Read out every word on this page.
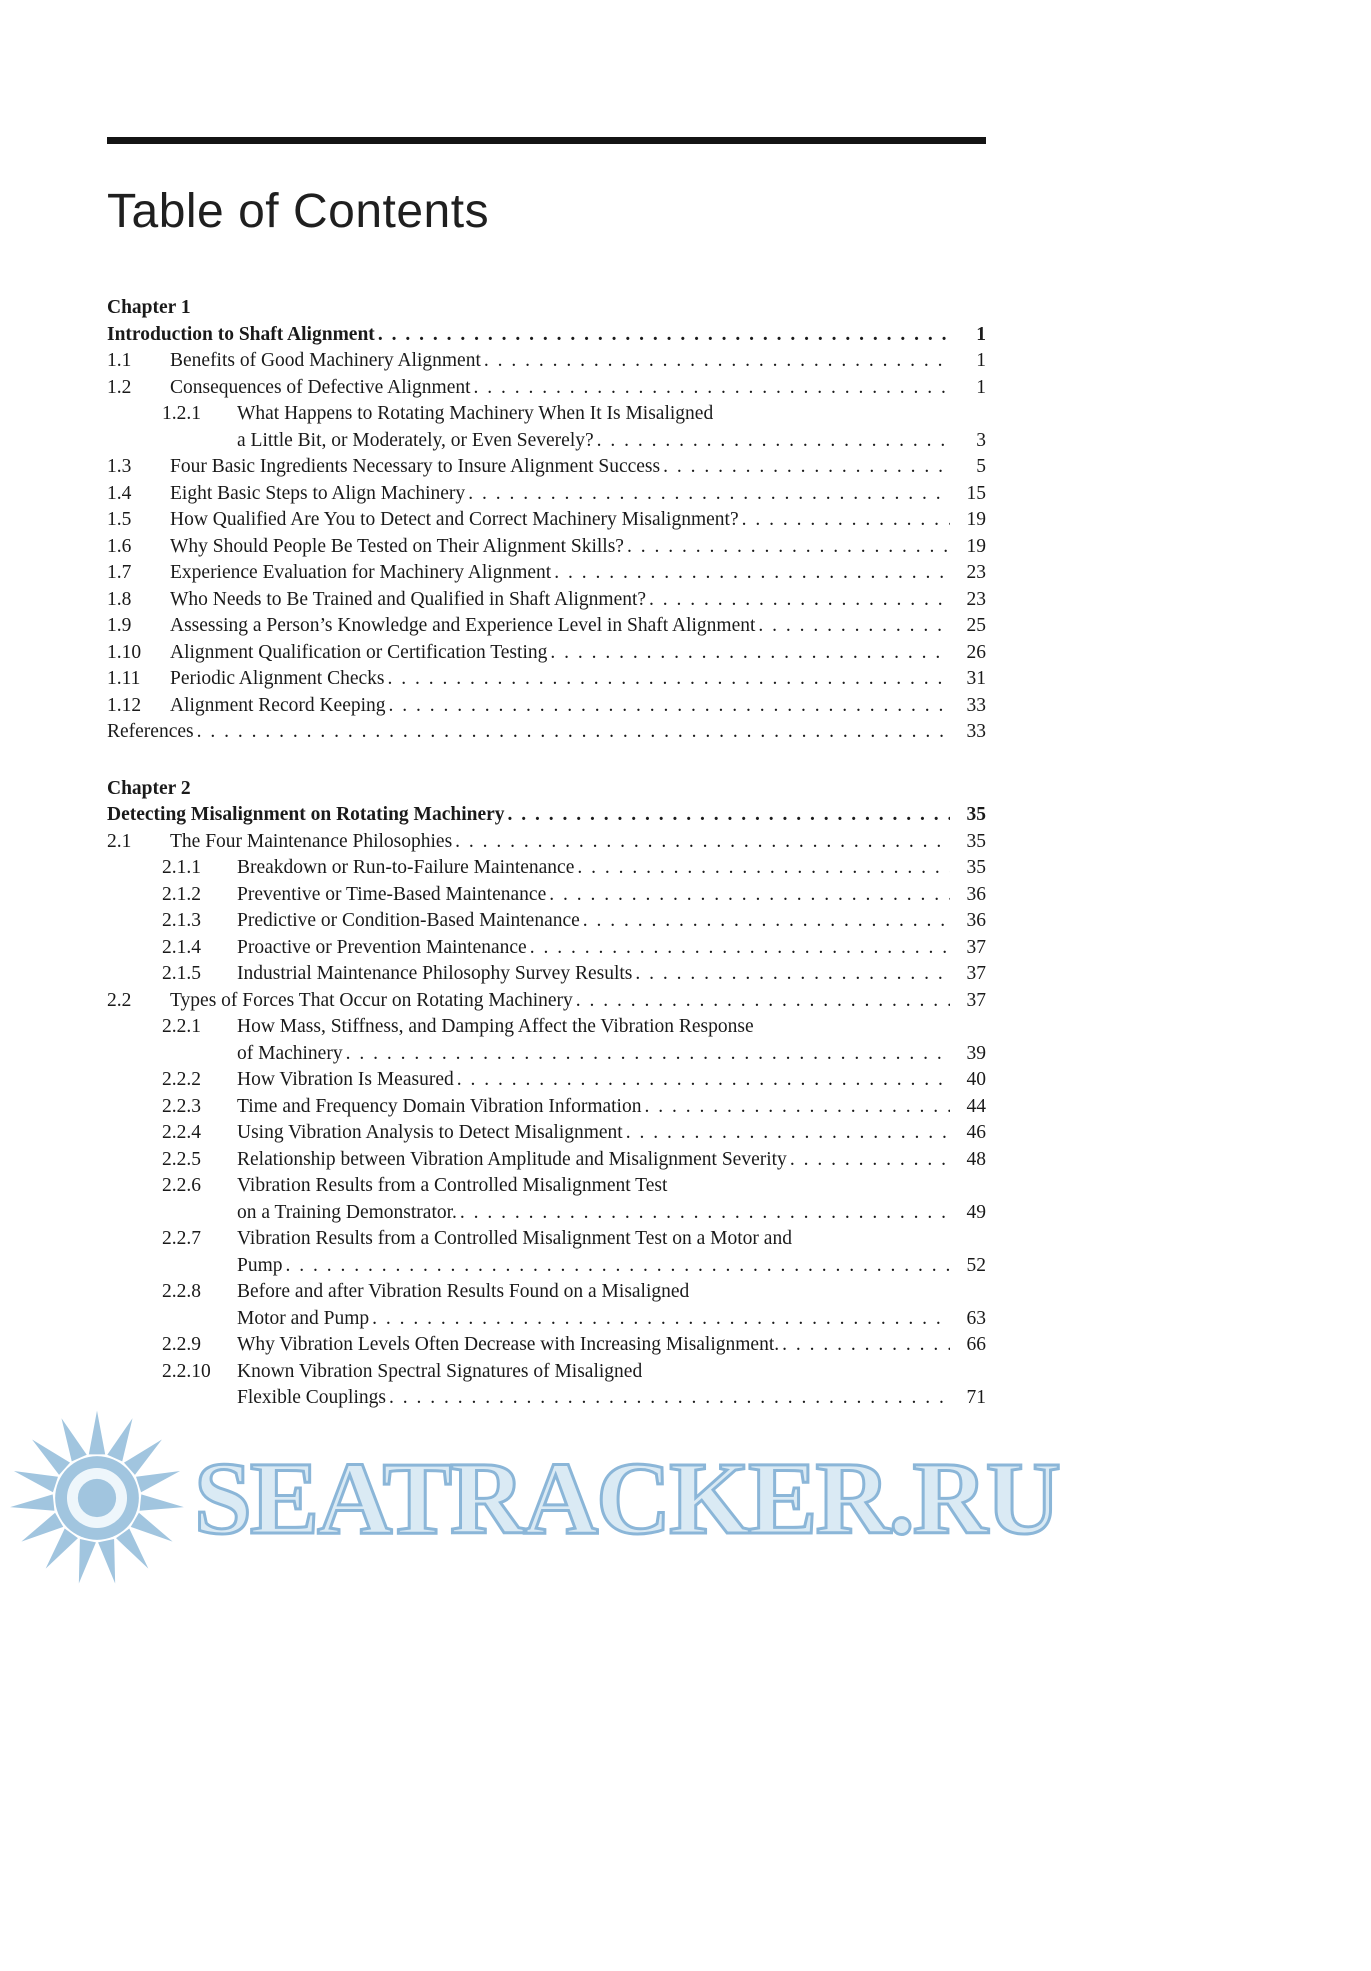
Table of Contents
Chapter 1
Introduction to Shaft Alignment . . .	1
1.1	Benefits of Good Machinery Alignment . . .	1
1.2	Consequences of Defective Alignment . . .	1
1.2.1	What Happens to Rotating Machinery When It Is Misaligned
a Little Bit, or Moderately, or Even Severely? . . .	3
1.3	Four Basic Ingredients Necessary to Insure Alignment Success . . .	5
1.4	Eight Basic Steps to Align Machinery . . .	15
1.5	How Qualified Are You to Detect and Correct Machinery Misalignment? . . .	19
1.6	Why Should People Be Tested on Their Alignment Skills? . . .	19
1.7	Experience Evaluation for Machinery Alignment . . .	23
1.8	Who Needs to Be Trained and Qualified in Shaft Alignment? . . .	23
1.9	Assessing a Person’s Knowledge and Experience Level in Shaft Alignment . . .	25
1.10	Alignment Qualification or Certification Testing . . .	26
1.11	Periodic Alignment Checks . . .	31
1.12	Alignment Record Keeping . . .	33
References . . .	33
Chapter 2
Detecting Misalignment on Rotating Machinery . . .	35
2.1	The Four Maintenance Philosophies . . .	35
2.1.1	Breakdown or Run-to-Failure Maintenance . . .	35
2.1.2	Preventive or Time-Based Maintenance . . .	36
2.1.3	Predictive or Condition-Based Maintenance . . .	36
2.1.4	Proactive or Prevention Maintenance . . .	37
2.1.5	Industrial Maintenance Philosophy Survey Results . . .	37
2.2	Types of Forces That Occur on Rotating Machinery . . .	37
2.2.1	How Mass, Stiffness, and Damping Affect the Vibration Response
of Machinery . . .	39
2.2.2	How Vibration Is Measured . . .	40
2.2.3	Time and Frequency Domain Vibration Information . . .	44
2.2.4	Using Vibration Analysis to Detect Misalignment . . .	46
2.2.5	Relationship between Vibration Amplitude and Misalignment Severity . . .	48
2.2.6	Vibration Results from a Controlled Misalignment Test
on a Training Demonstrator. . . .	49
2.2.7	Vibration Results from a Controlled Misalignment Test on a Motor and
Pump . . .	52
2.2.8	Before and after Vibration Results Found on a Misaligned
Motor and Pump . . .	63
2.2.9	Why Vibration Levels Often Decrease with Increasing Misalignment. . . .	66
2.2.10	Known Vibration Spectral Signatures of Misaligned
Flexible Couplings . . .	71
SEATRACKER.RU
